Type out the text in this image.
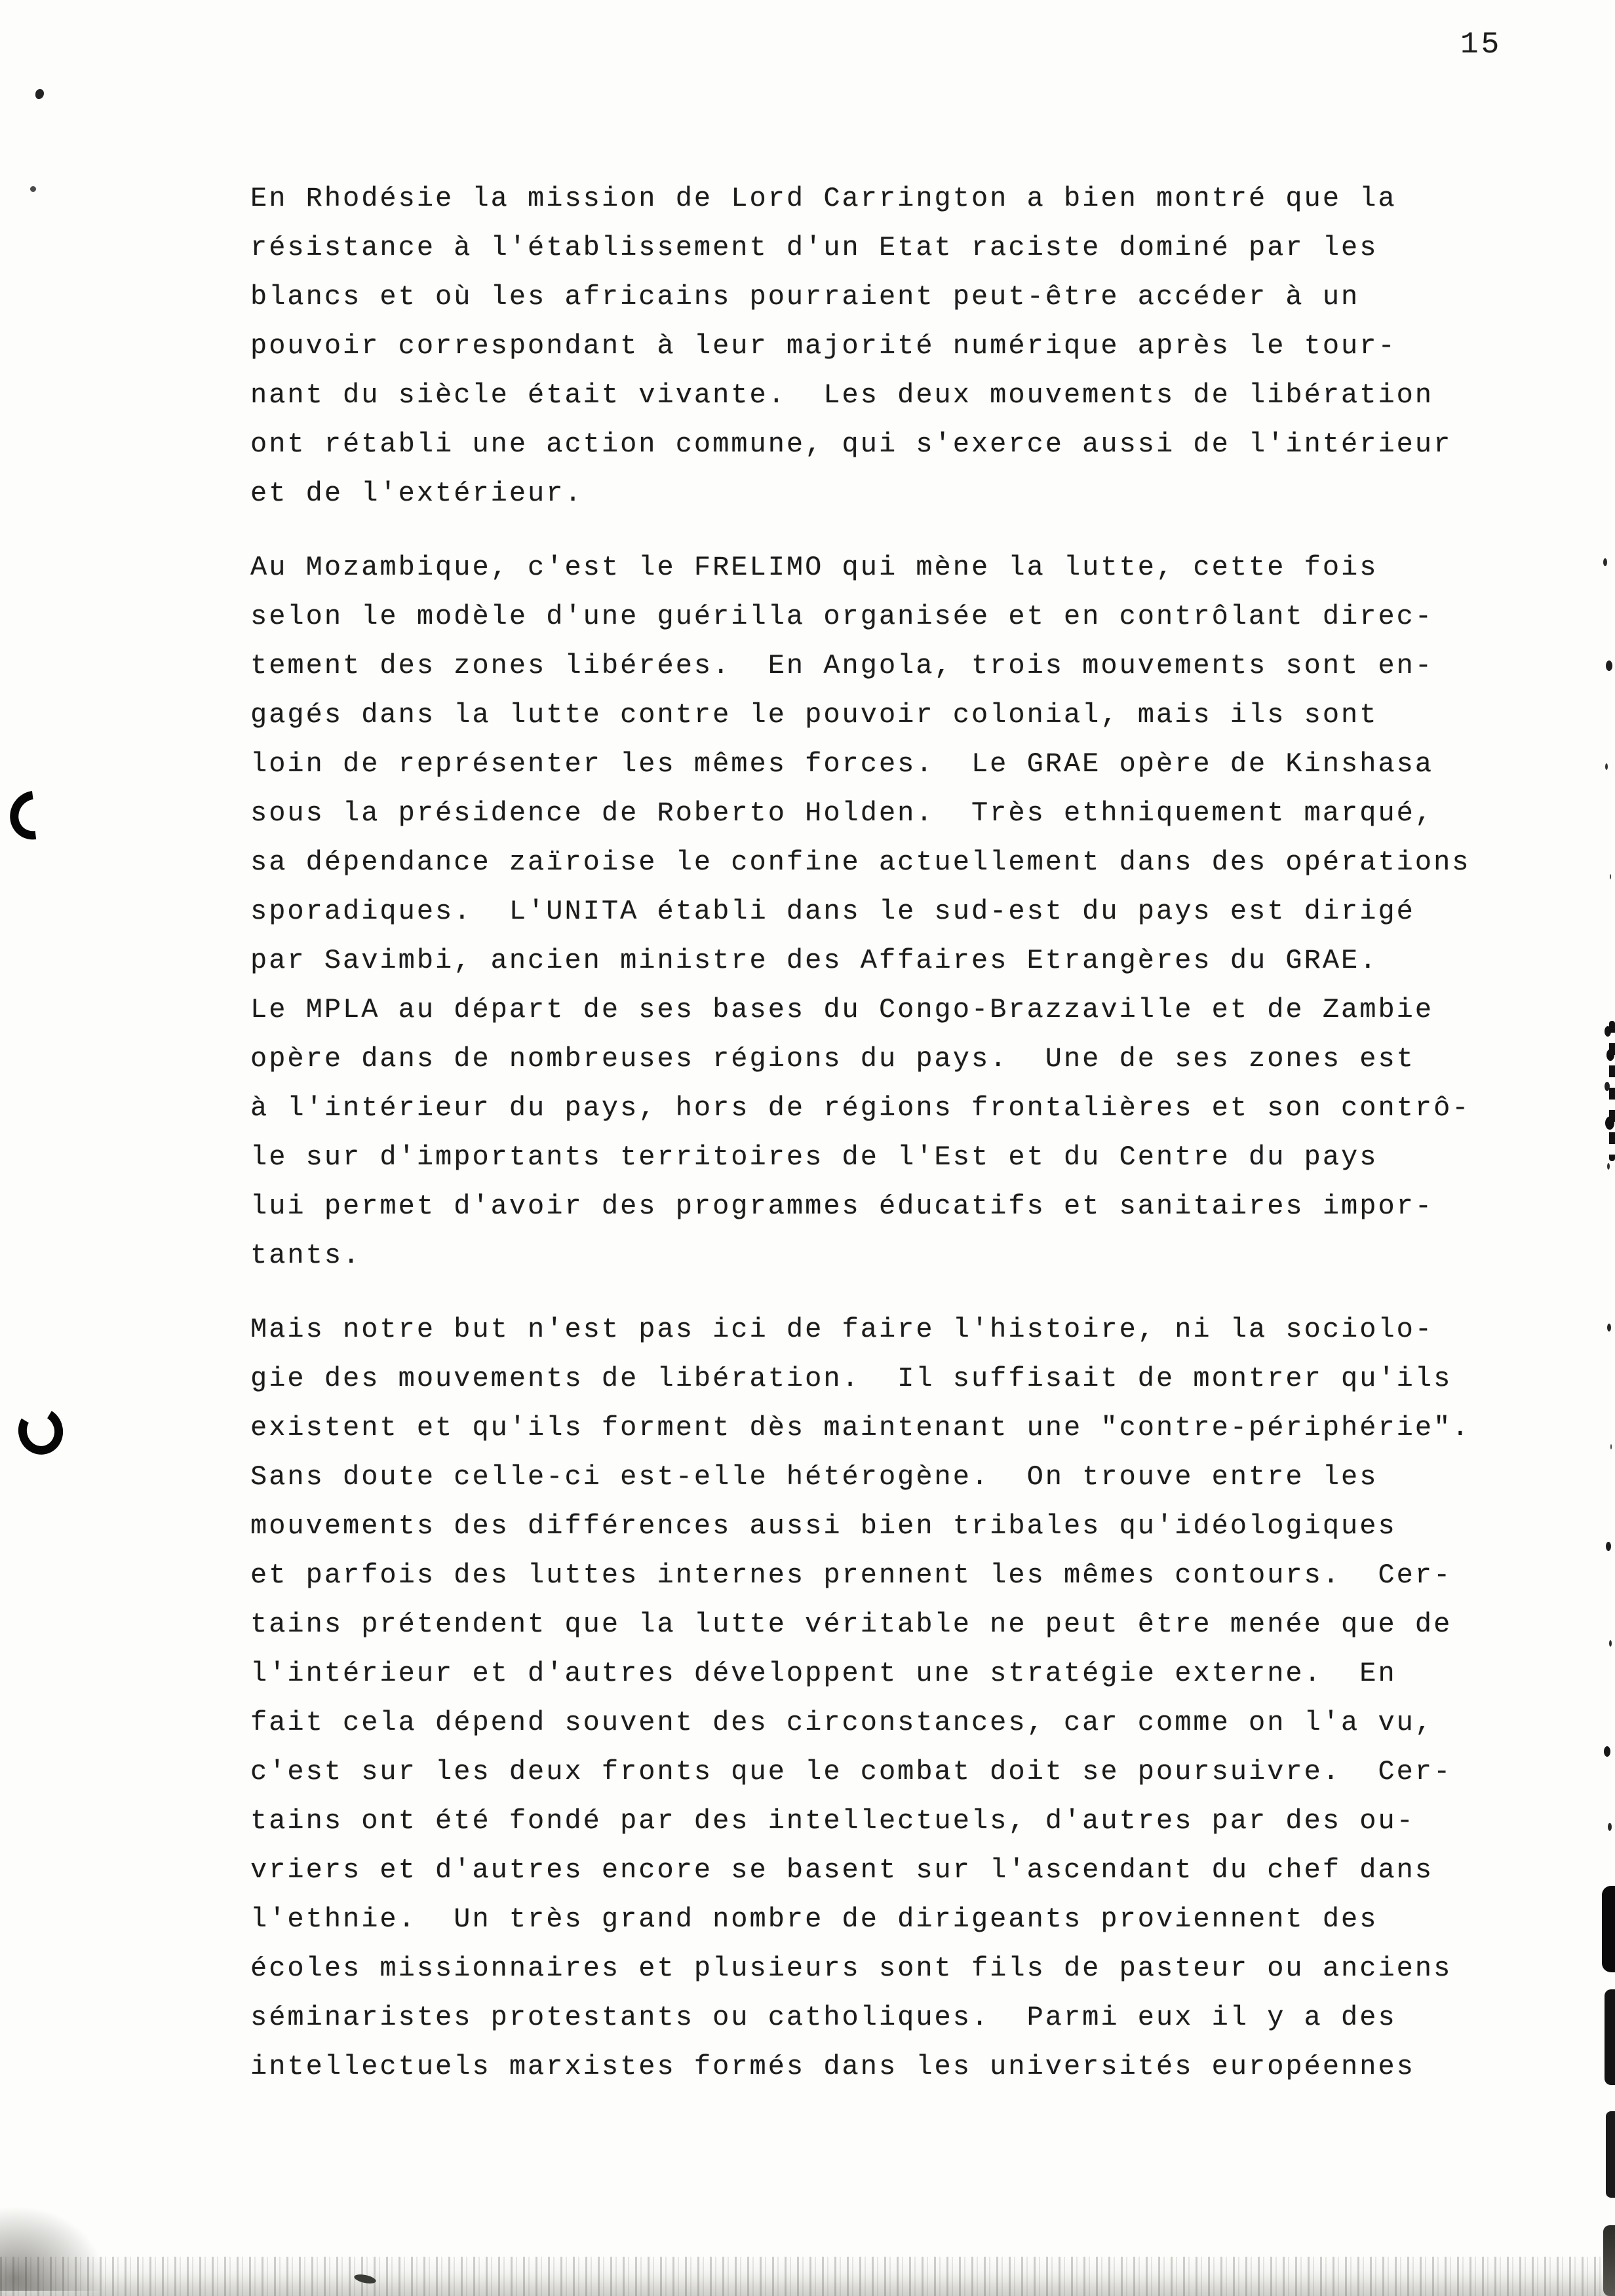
15

En Rhodésie la mission de Lord Carrington a bien montré que la
résistance à l'établissement d'un Etat raciste dominé par les
blancs et où les africains pourraient peut-être accéder à un
pouvoir correspondant à leur majorité numérique après le tour-
nant du siècle était vivante.  Les deux mouvements de libération
ont rétabli une action commune, qui s'exerce aussi de l'intérieur
et de l'extérieur.

Au Mozambique, c'est le FRELIMO qui mène la lutte, cette fois
selon le modèle d'une guérilla organisée et en contrôlant direc-
tement des zones libérées.  En Angola, trois mouvements sont en-
gagés dans la lutte contre le pouvoir colonial, mais ils sont
loin de représenter les mêmes forces.  Le GRAE opère de Kinshasa
sous la présidence de Roberto Holden.  Très ethniquement marqué,
sa dépendance zaïroise le confine actuellement dans des opérations
sporadiques.  L'UNITA établi dans le sud-est du pays est dirigé
par Savimbi, ancien ministre des Affaires Etrangères du GRAE.
Le MPLA au départ de ses bases du Congo-Brazzaville et de Zambie
opère dans de nombreuses régions du pays.  Une de ses zones est
à l'intérieur du pays, hors de régions frontalières et son contrô-
le sur d'importants territoires de l'Est et du Centre du pays
lui permet d'avoir des programmes éducatifs et sanitaires impor-
tants.

Mais notre but n'est pas ici de faire l'histoire, ni la sociolo-
gie des mouvements de libération.  Il suffisait de montrer qu'ils
existent et qu'ils forment dès maintenant une "contre-périphérie".
Sans doute celle-ci est-elle hétérogène.  On trouve entre les
mouvements des différences aussi bien tribales qu'idéologiques
et parfois des luttes internes prennent les mêmes contours.  Cer-
tains prétendent que la lutte véritable ne peut être menée que de
l'intérieur et d'autres développent une stratégie externe.  En
fait cela dépend souvent des circonstances, car comme on l'a vu,
c'est sur les deux fronts que le combat doit se poursuivre.  Cer-
tains ont été fondé par des intellectuels, d'autres par des ou-
vriers et d'autres encore se basent sur l'ascendant du chef dans
l'ethnie.  Un très grand nombre de dirigeants proviennent des
écoles missionnaires et plusieurs sont fils de pasteur ou anciens
séminaristes protestants ou catholiques.  Parmi eux il y a des
intellectuels marxistes formés dans les universités européennes
